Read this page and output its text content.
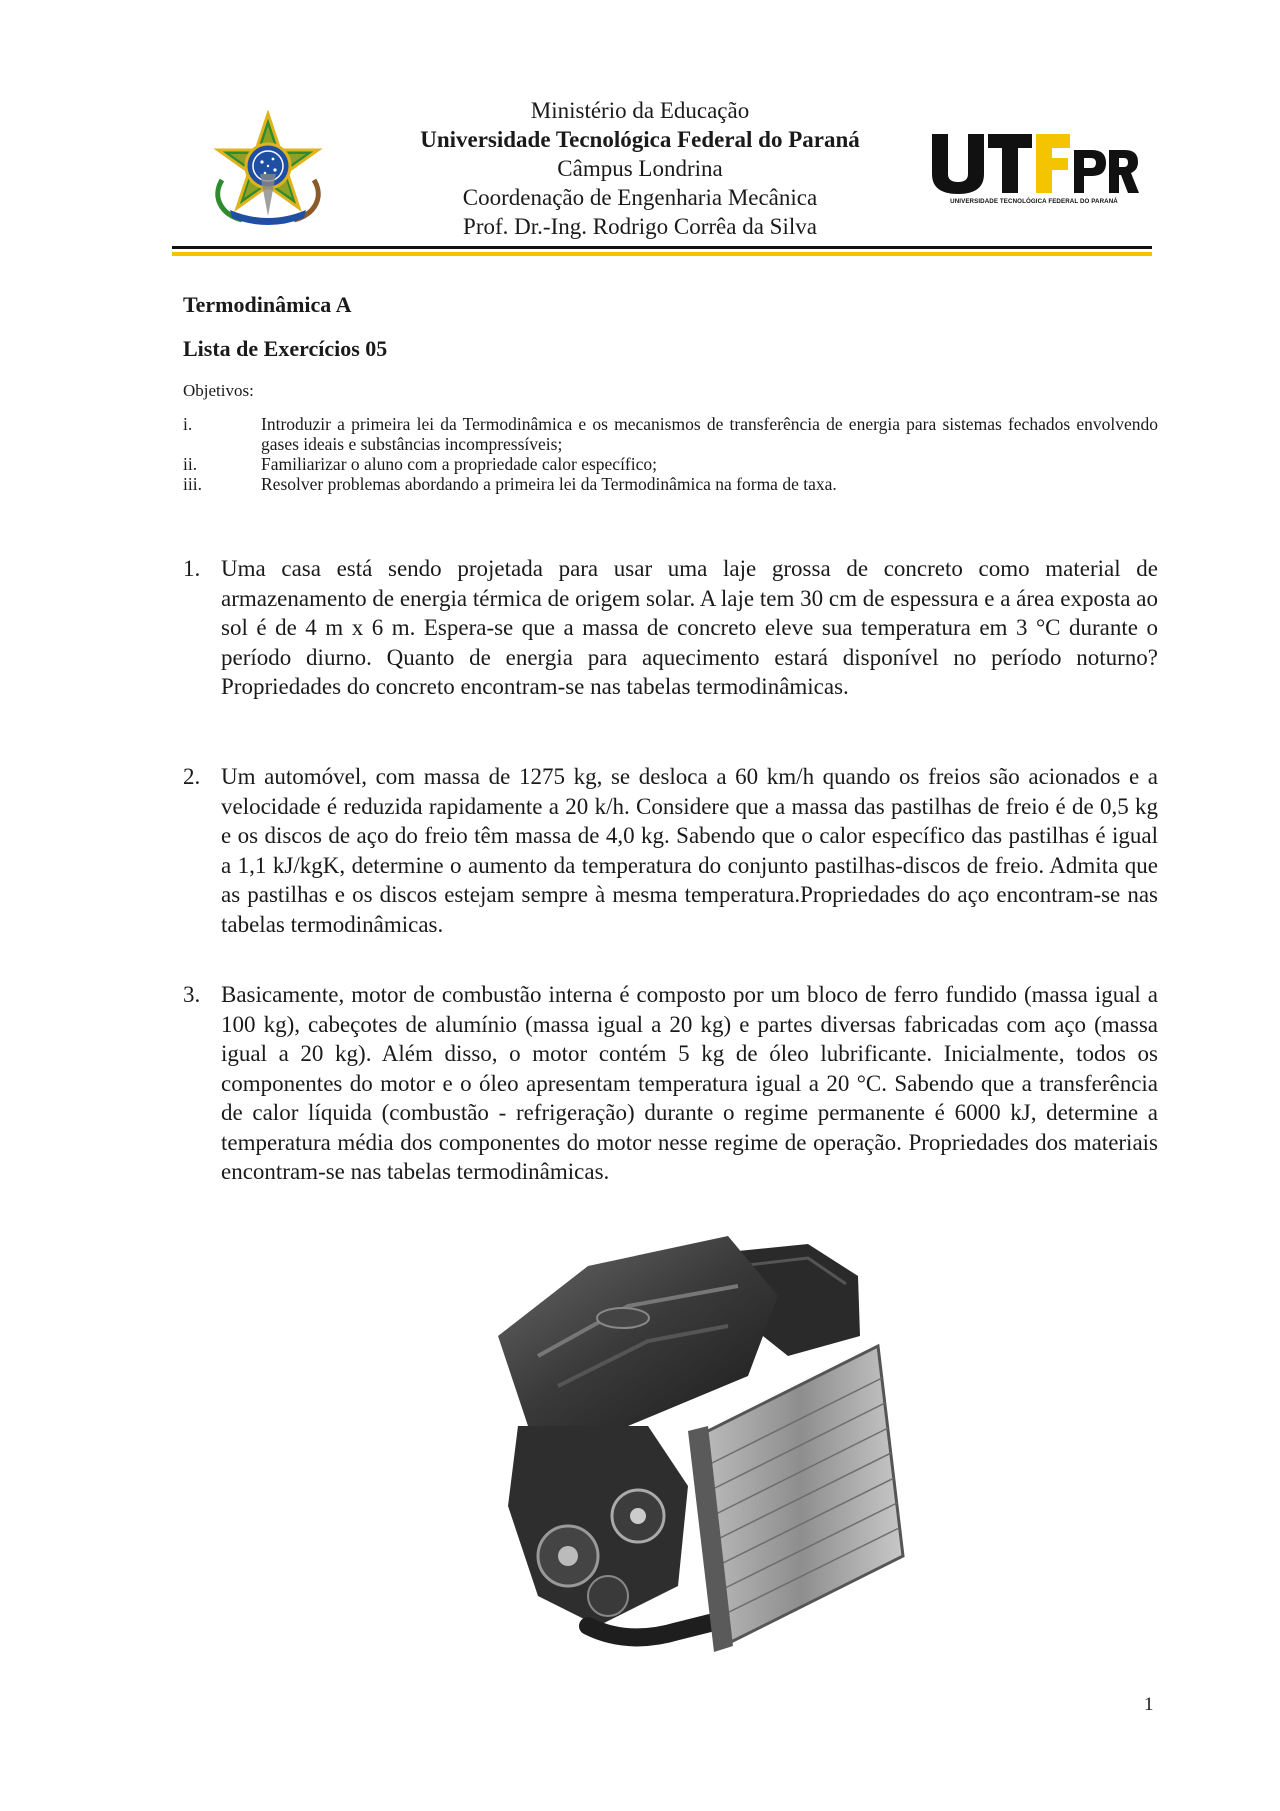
Ministério da Educação
Universidade Tecnológica Federal do Paraná
Câmpus Londrina
Coordenação de Engenharia Mecânica
Prof. Dr.-Ing. Rodrigo Corrêa da Silva
UNIVERSIDADE TECNOLÓGICA FEDERAL DO PARANÁ
Termodinâmica A
Lista de Exercícios 05
Objetivos:
i.	Introduzir a primeira lei da Termodinâmica e os mecanismos de transferência de energia para sistemas fechados envolvendo gases ideais e substâncias incompressíveis;
ii.	Familiarizar o aluno com a propriedade calor específico;
iii.	Resolver problemas abordando a primeira lei da Termodinâmica na forma de taxa.
1. Uma casa está sendo projetada para usar uma laje grossa de concreto como material de armazenamento de energia térmica de origem solar. A laje tem 30 cm de espessura e a área exposta ao sol é de 4 m x 6 m. Espera-se que a massa de concreto eleve sua temperatura em 3 °C durante o período diurno. Quanto de energia para aquecimento estará disponível no período noturno? Propriedades do concreto encontram-se nas tabelas termodinâmicas.
2. Um automóvel, com massa de 1275 kg, se desloca a 60 km/h quando os freios são acionados e a velocidade é reduzida rapidamente a 20 k/h. Considere que a massa das pastilhas de freio é de 0,5 kg e os discos de aço do freio têm massa de 4,0 kg. Sabendo que o calor específico das pastilhas é igual a 1,1 kJ/kgK, determine o aumento da temperatura do conjunto pastilhas-discos de freio. Admita que as pastilhas e os discos estejam sempre à mesma temperatura.Propriedades do aço encontram-se nas tabelas termodinâmicas.
3. Basicamente, motor de combustão interna é composto por um bloco de ferro fundido (massa igual a 100 kg), cabeçotes de alumínio (massa igual a 20 kg) e partes diversas fabricadas com aço (massa igual a 20 kg). Além disso, o motor contém 5 kg de óleo lubrificante. Inicialmente, todos os componentes do motor e o óleo apresentam temperatura igual a 20 °C. Sabendo que a transferência de calor líquida (combustão - refrigeração) durante o regime permanente é 6000 kJ, determine a temperatura média dos componentes do motor nesse regime de operação. Propriedades dos materiais encontram-se nas tabelas termodinâmicas.
1
